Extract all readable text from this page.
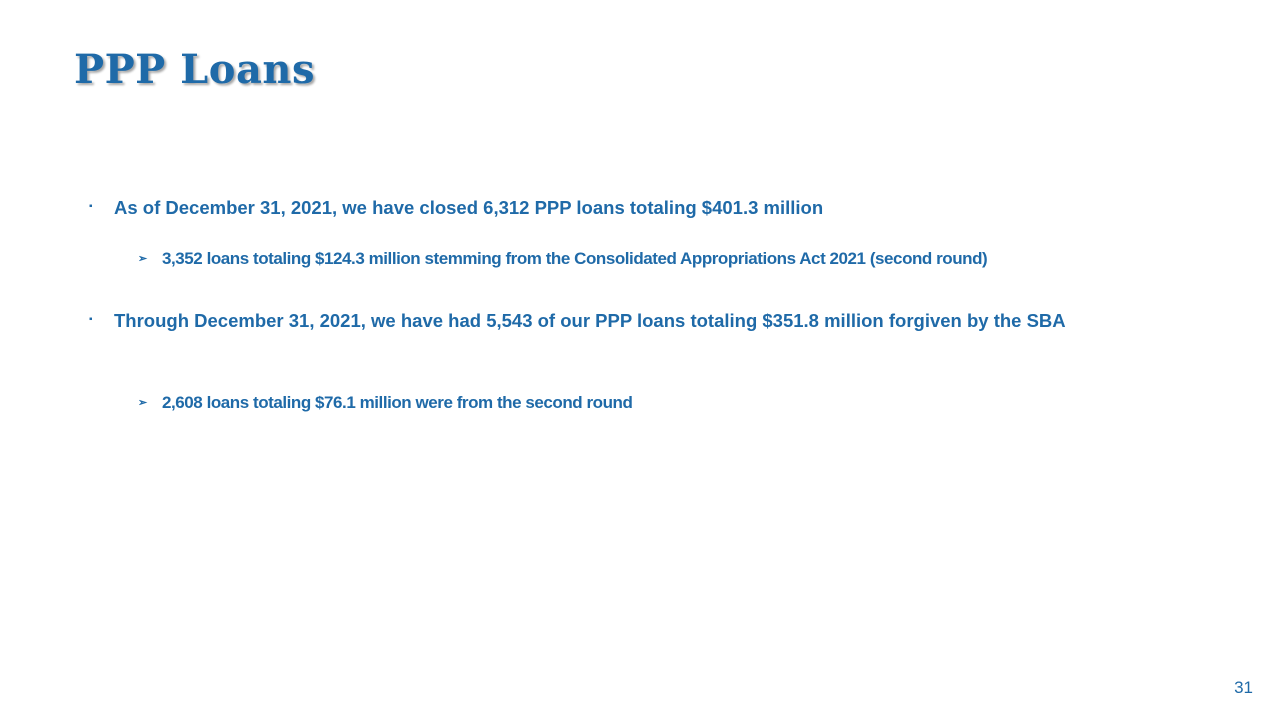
PPP Loans
▪	As of December 31, 2021, we have closed 6,312 PPP loans totaling $401.3 million
➢ 3,352 loans totaling $124.3 million stemming from the Consolidated Appropriations Act 2021 (second round)
▪	Through December 31, 2021, we have had 5,543 of our PPP loans totaling $351.8 million forgiven by the SBA
➢ 2,608 loans totaling $76.1 million were from the second round
31
